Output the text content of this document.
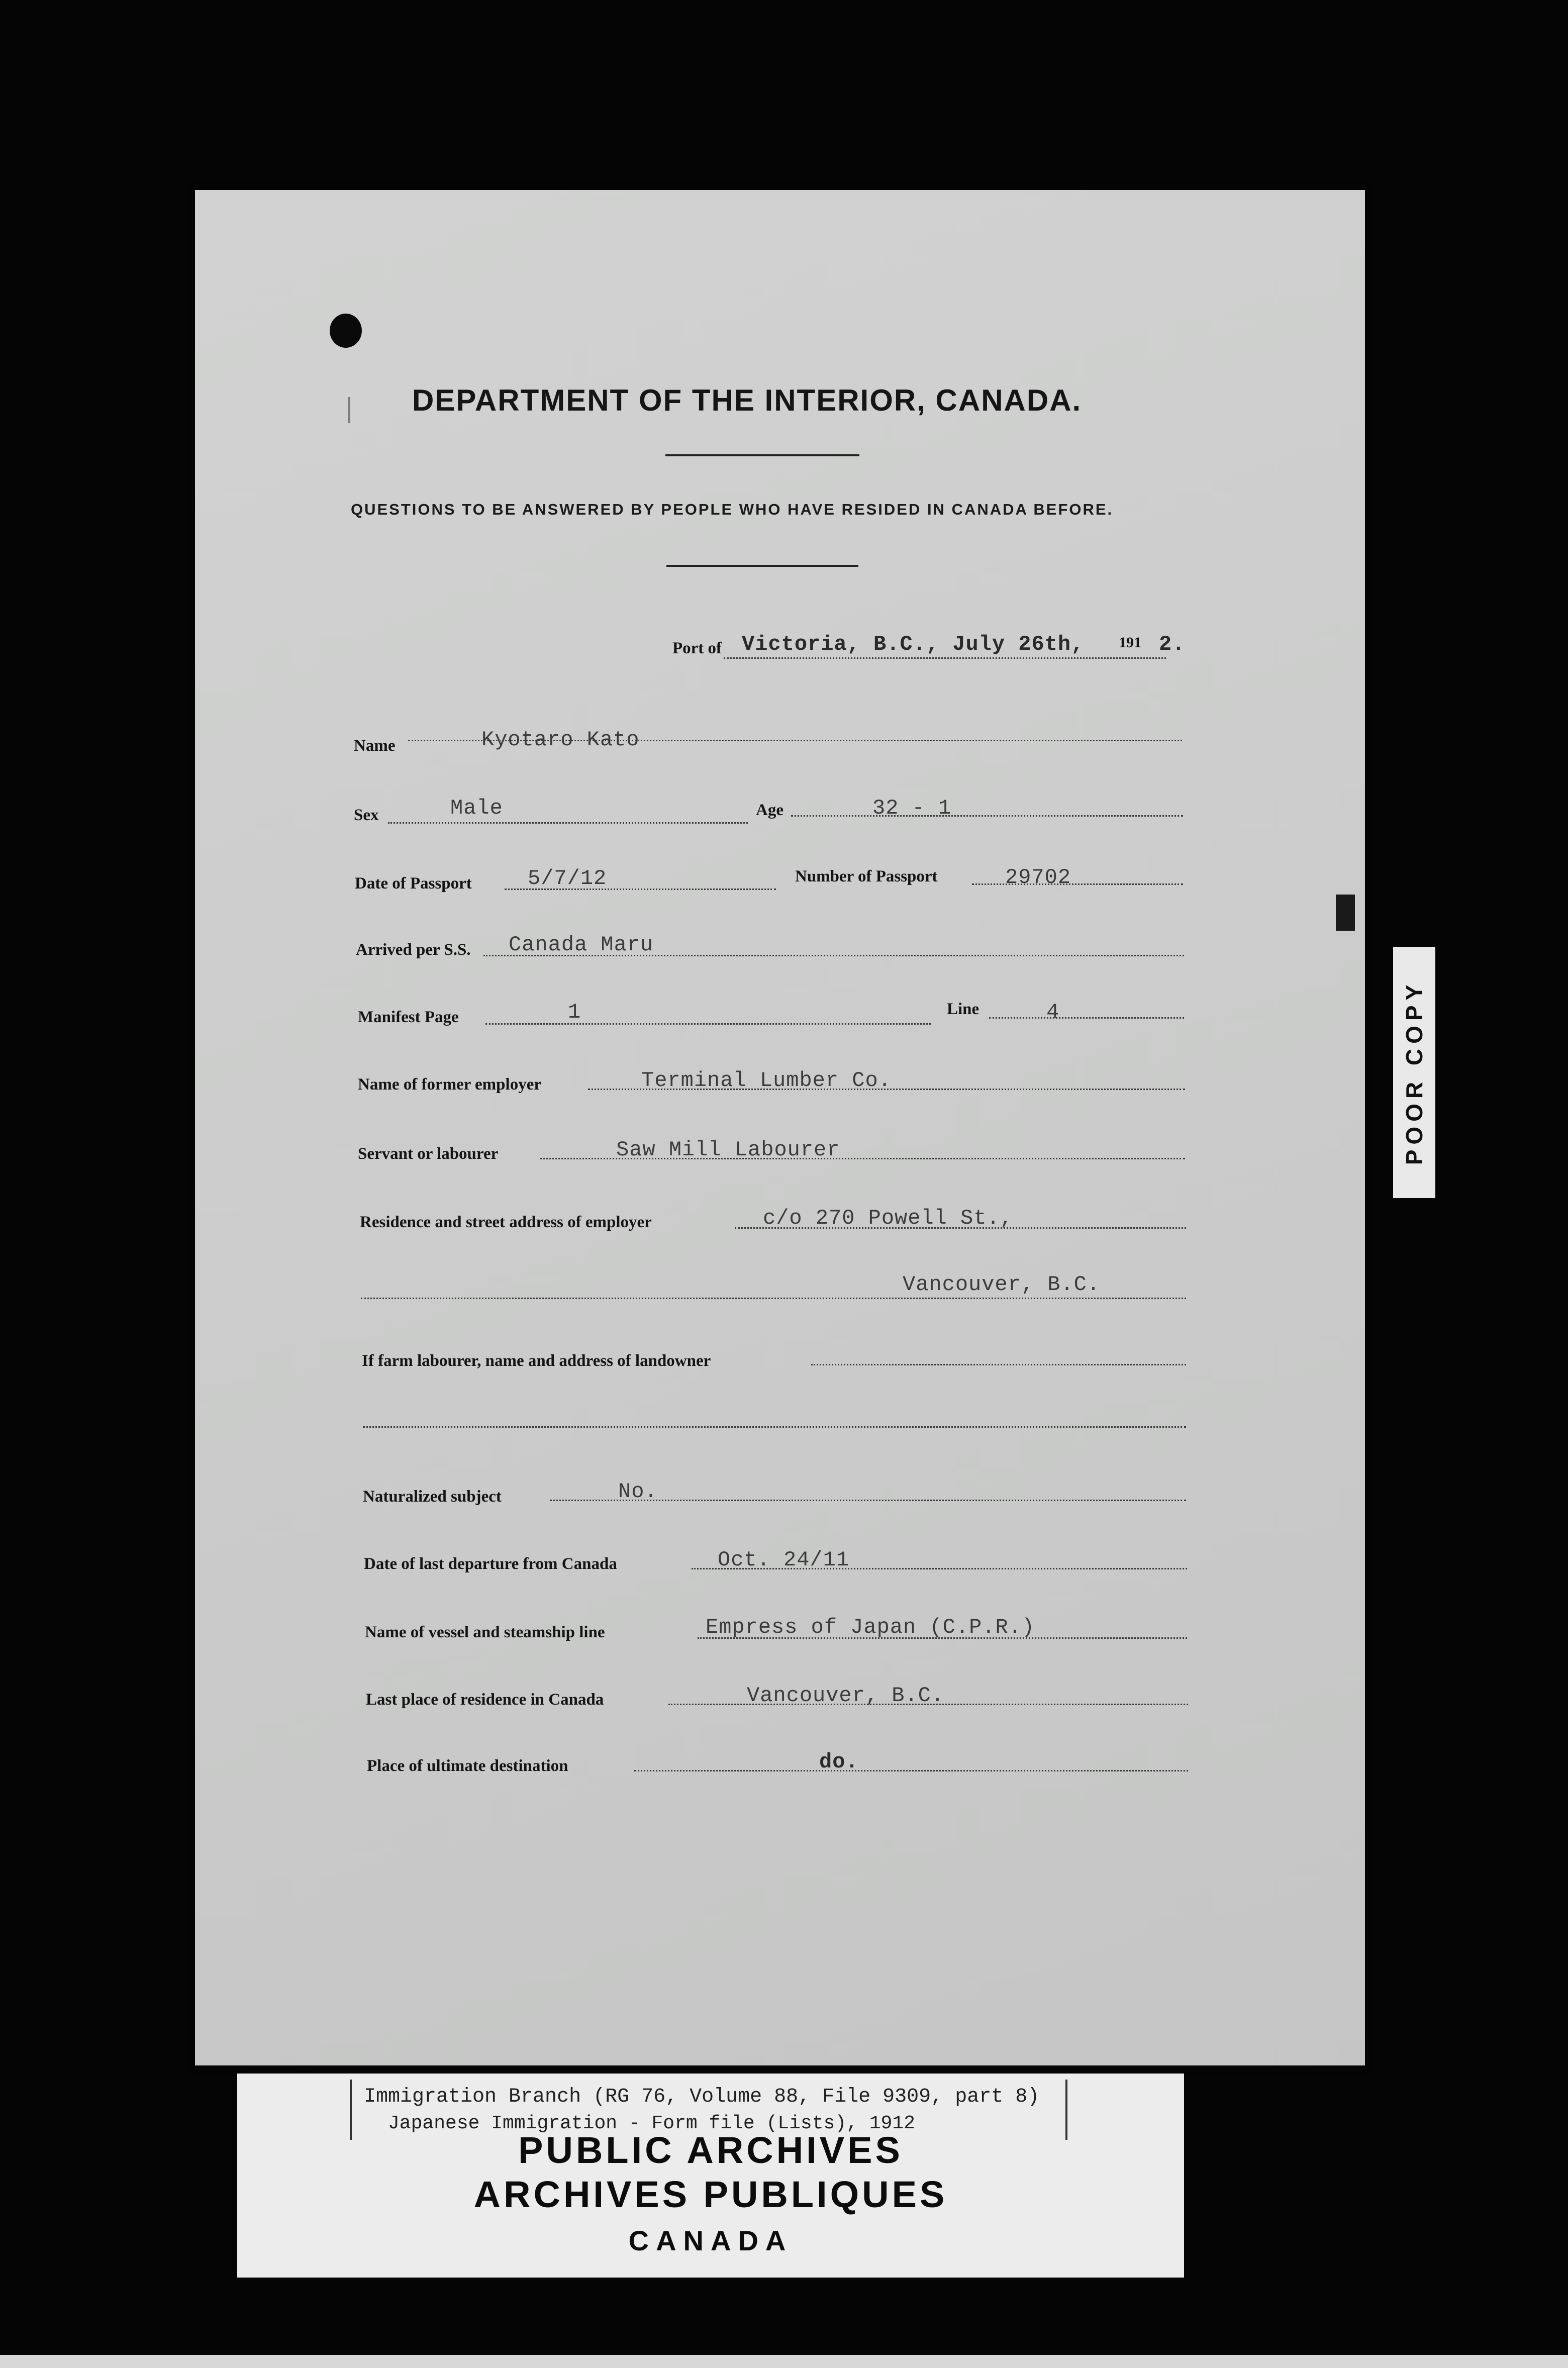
DEPARTMENT OF THE INTERIOR, CANADA.
QUESTIONS TO BE ANSWERED BY PEOPLE WHO HAVE RESIDED IN CANADA BEFORE.
Port of Victoria, B.C., July 26th, 191 2.
Name	Kyotaro Kato
Sex	Male	Age	32 - 1
Date of Passport	5/7/12	Number of Passport	29702
Arrived per S.S. Canada Maru
Manifest Page	1	Line	4
Name of former employer	Terminal Lumber Co.
Servant or labourer	Saw Mill Labourer
Residence and street address of employer	c/o 270 Powell St.,
Vancouver, B.C.
If farm labourer, name and address of landowner
Naturalized subject	No.
Date of last departure from Canada	Oct. 24/11
Name of vessel and steamship line	Empress of Japan (C.P.R.)
Last place of residence in Canada	Vancouver, B.C.
Place of ultimate destination	do.
POOR COPY
Immigration Branch (RG 76, Volume 88, File 9309, part 8)
Japanese Immigration - Form file (Lists), 1912
PUBLIC ARCHIVES
ARCHIVES PUBLIQUES
CANADA
